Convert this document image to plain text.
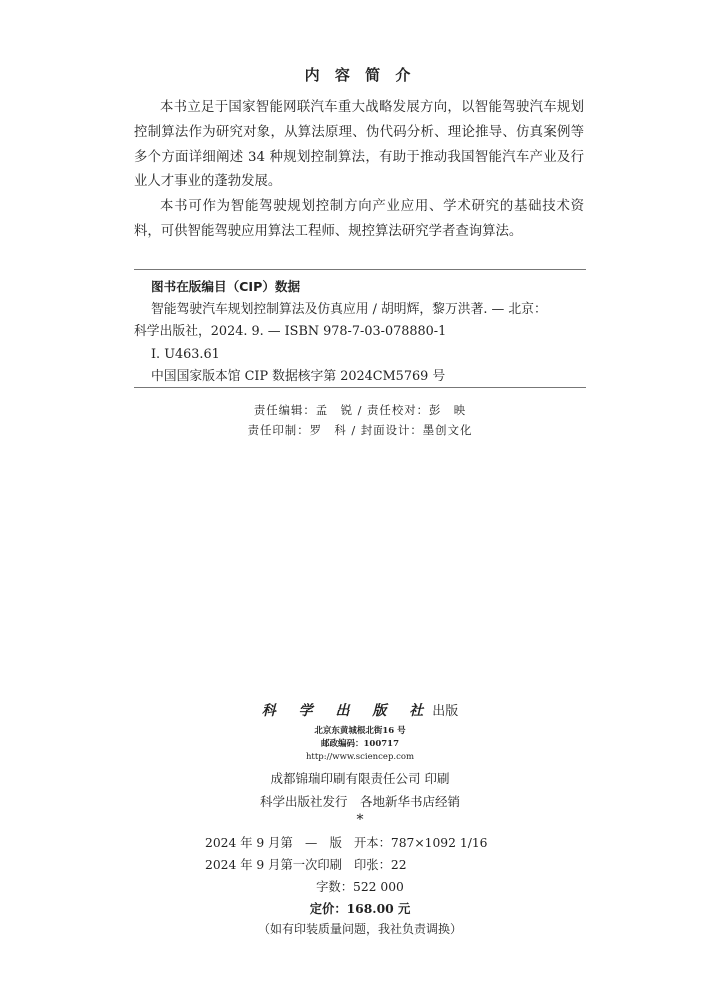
内 容 简 介
本书立足于国家智能网联汽车重大战略发展方向，以智能驾驶汽车规划
控制算法作为研究对象，从算法原理、伪代码分析、理论推导、仿真案例等
多个方面详细阐述 34 种规划控制算法，有助于推动我国智能汽车产业及行
业人才事业的蓬勃发展。
本书可作为智能驾驶规划控制方向产业应用、学术研究的基础技术资
料，可供智能驾驶应用算法工程师、规控算法研究学者查询算法。
图书在版编目（CIP）数据
智能驾驶汽车规划控制算法及仿真应用 / 胡明辉，黎万洪著. — 北京：
科学出版社，2024. 9. — ISBN 978-7-03-078880-1
Ⅰ. U463.61
中国国家版本馆 CIP 数据核字第 2024CM5769 号
责任编辑：孟　锐 / 责任校对：彭　映
责任印制：罗　科 / 封面设计：墨创文化
科 学 出 版 社出版
北京东黄城根北街16 号
邮政编码：100717
http://www.sciencep.com
成都锦瑞印刷有限责任公司 印刷
科学出版社发行　各地新华书店经销
*
2024 年 9 月第　—　版 开本：787×1092 1/16
2024 年 9 月第一次印刷 印张：22
字数：522 000
定价：168.00 元
（如有印装质量问题，我社负责调换）
